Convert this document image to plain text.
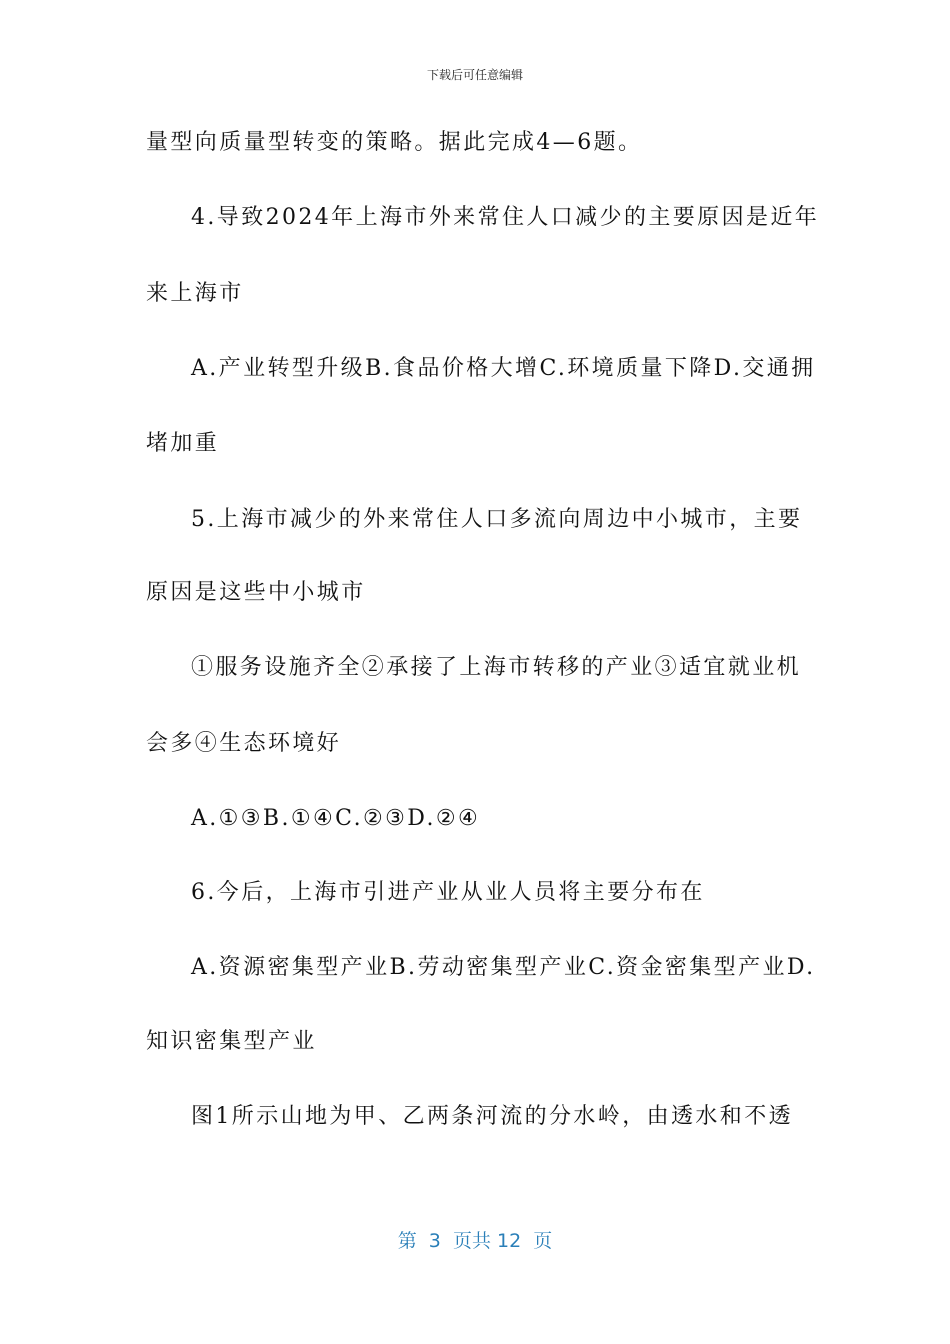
下载后可任意编辑
量型向质量型转变的策略。据此完成4—6题。
4.导致2024年上海市外来常住人口减少的主要原因是近年
来上海市
A.产业转型升级B.食品价格大增C.环境质量下降D.交通拥
堵加重
5.上海市减少的外来常住人口多流向周边中小城市，主要
原因是这些中小城市
①服务设施齐全②承接了上海市转移的产业③适宜就业机
会多④生态环境好
A.①③B.①④C.②③D.②④
6.今后，上海市引进产业从业人员将主要分布在
A.资源密集型产业B.劳动密集型产业C.资金密集型产业D.
知识密集型产业
图1所示山地为甲、乙两条河流的分水岭，由透水和不透
第  3  页共 12  页
